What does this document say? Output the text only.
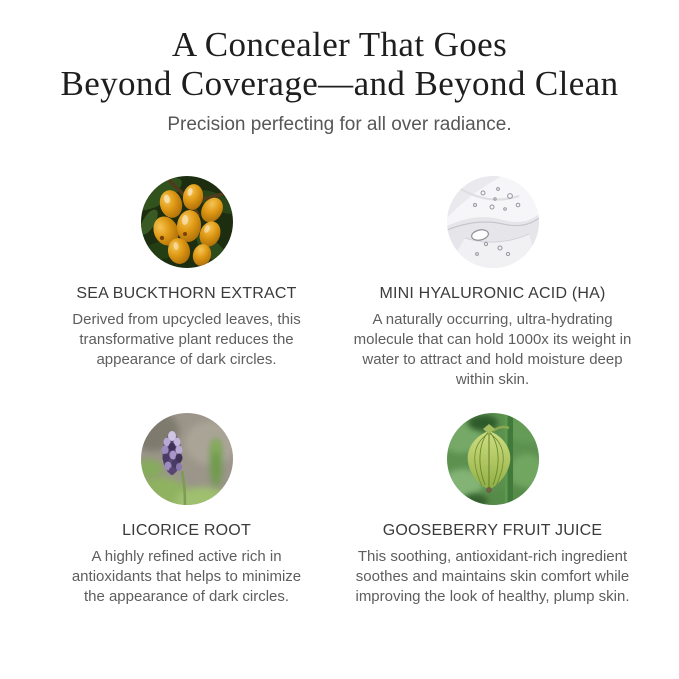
A Concealer That Goes
Beyond Coverage—and Beyond Clean

Precision perfecting for all over radiance.

SEA BUCKTHORN EXTRACT

Derived from upcycled leaves, this transformative plant reduces the appearance of dark circles.

MINI HYALURONIC ACID (HA)

A naturally occurring, ultra-hydrating molecule that can hold 1000x its weight in water to attract and hold moisture deep within skin.

LICORICE ROOT

A highly refined active rich in antioxidants that helps to minimize the appearance of dark circles.

GOOSEBERRY FRUIT JUICE

This soothing, antioxidant-rich ingredient soothes and maintains skin comfort while improving the look of healthy, plump skin.
